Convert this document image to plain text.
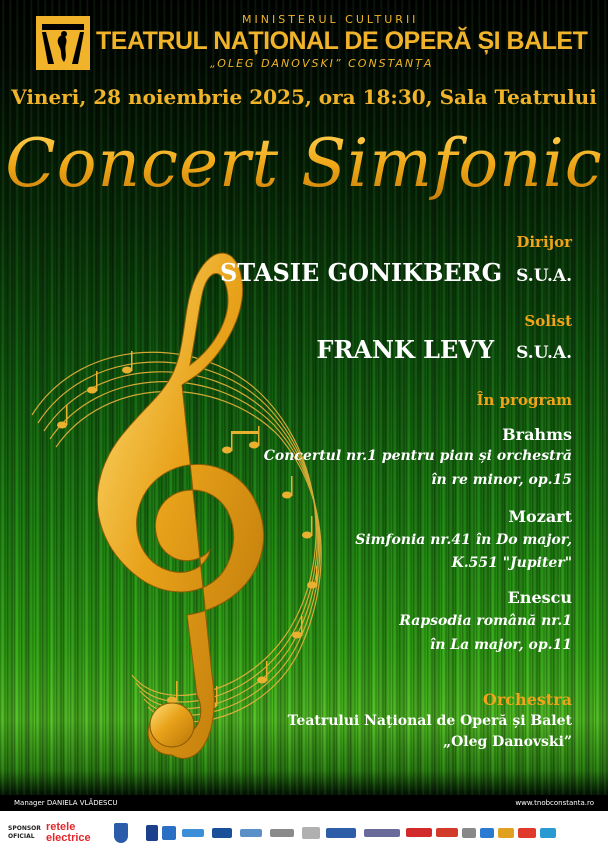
MINISTERUL CULTURII
TEATRUL NAȚIONAL DE OPERĂ ȘI BALET
„OLEG DANOVSKI” CONSTANȚA
Vineri, 28 noiembrie 2025, ora 18:30, Sala Teatrului
Concert Simfonic
Dirijor
STASIE GONIKBERG S.U.A.
Solist
FRANK LEVY S.U.A.
În program
Brahms
Concertul nr.1 pentru pian și orchestră
în re minor, op.15
Mozart
Simfonia nr.41 în Do major,
K.551 "Jupiter"
Enescu
Rapsodia română nr.1
în La major, op.11
Orchestra
Teatrului Național de Operă și Balet
„Oleg Danovski”
Manager DANIELA VLĂDESCU	www.tnobconstanta.ro
SPONSOR
OFICIAL
retele
electrice
